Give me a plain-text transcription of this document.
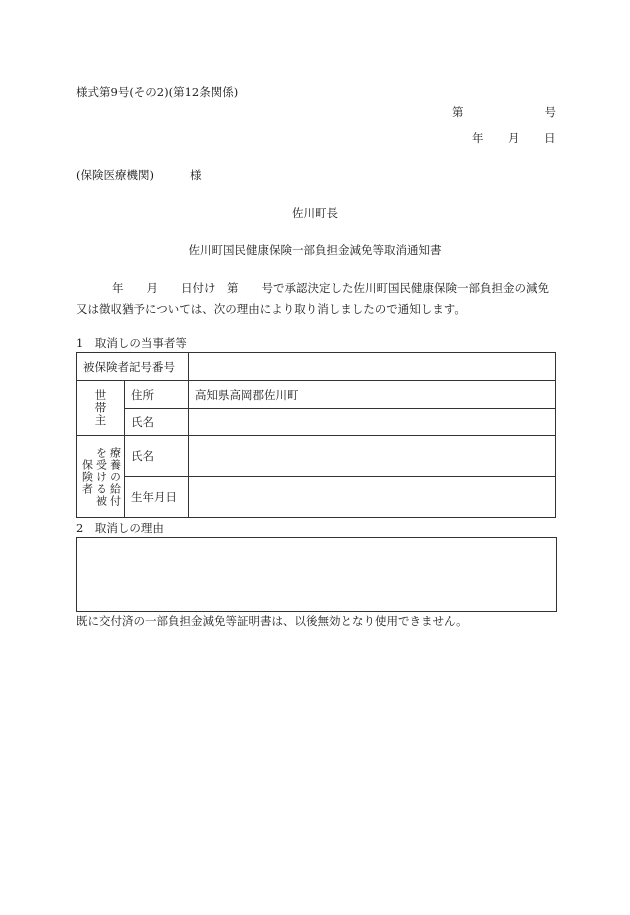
様式第9号(その2)(第12条関係)
第	号
年 月 日
(保険医療機関)	様
佐川町長
佐川町国民健康保険一部負担金減免等取消通知書
年　　月　　日付け　第　　号で承認決定した佐川町国民健康保険一部負担金の減免又は徴収猶予については、次の理由により取り消しましたので通知します。
1　取消しの当事者等
被保険者記号番号		
世帯主	住所	高知県高岡郡佐川町
	氏名	
療養の給付を受ける被保険者	氏名	
	生年月日	
2　取消しの理由
既に交付済の一部負担金減免等証明書は、以後無効となり使用できません。
